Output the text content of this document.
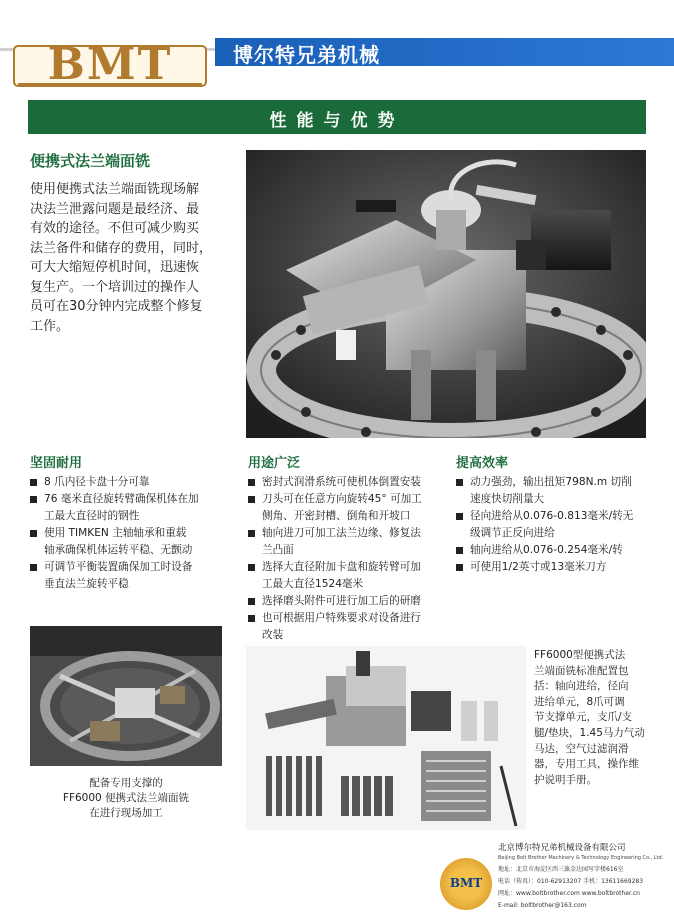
BMT	博尔特兄弟机械
性能与优势
便携式法兰端面铣
使用便携式法兰端面铣现场解
决法兰泄露问题是最经济、最
有效的途径。不但可减少购买
法兰备件和储存的费用，同时，
可大大缩短停机时间，迅速恢
复生产。一个培训过的操作人
员可在30分钟内完成整个修复
工作。
坚固耐用
8 爪内径卡盘十分可靠
76 毫米直径旋转臂确保机体在加
工最大直径时的钢性
使用 TIMKEN 主轴轴承和重载
轴承确保机体运转平稳、无颤动
可调节平衡装置确保加工时设备
垂直法兰旋转平稳
用途广泛
密封式润滑系统可使机体倒置安装
刀头可在任意方向旋转45° 可加工
侧角、开密封槽、倒角和开坡口
轴向进刀可加工法兰边缘、修复法
兰凸面
选择大直径附加卡盘和旋转臂可加
工最大直径1524毫米
选择磨头附件可进行加工后的研磨
也可根据用户特殊要求对设备进行
改装
提高效率
动力强劲，输出扭矩798N.m 切削
速度快切削量大
径向进给从0.076-0.813毫米/转无
级调节正反向进给
轴向进给从0.076-0.254毫米/转
可使用1/2英寸或13毫米刀方
配备专用支撑的
FF6000 便携式法兰端面铣
在进行现场加工
FF6000型便携式法
兰端面铣标准配置包
括：轴向进给，径向
进给单元，8爪可调
节支撑单元，支爪/支
腿/垫块，1.45马力气动
马达，空气过滤润滑
器，专用工具，操作维
护说明手册。
BMT
北京博尔特兄弟机械设备有限公司
Beijing Bolt Brother Machinery & Technology Engineering Co., Ltd.
地址：北京市海淀区西三旗金达园写字楼616室
电话（传真）：010-62913207 手机：13611669283
网址：www.boltbrother.com www.boltbrother.cn
E-mail: boltbrother@163.com
